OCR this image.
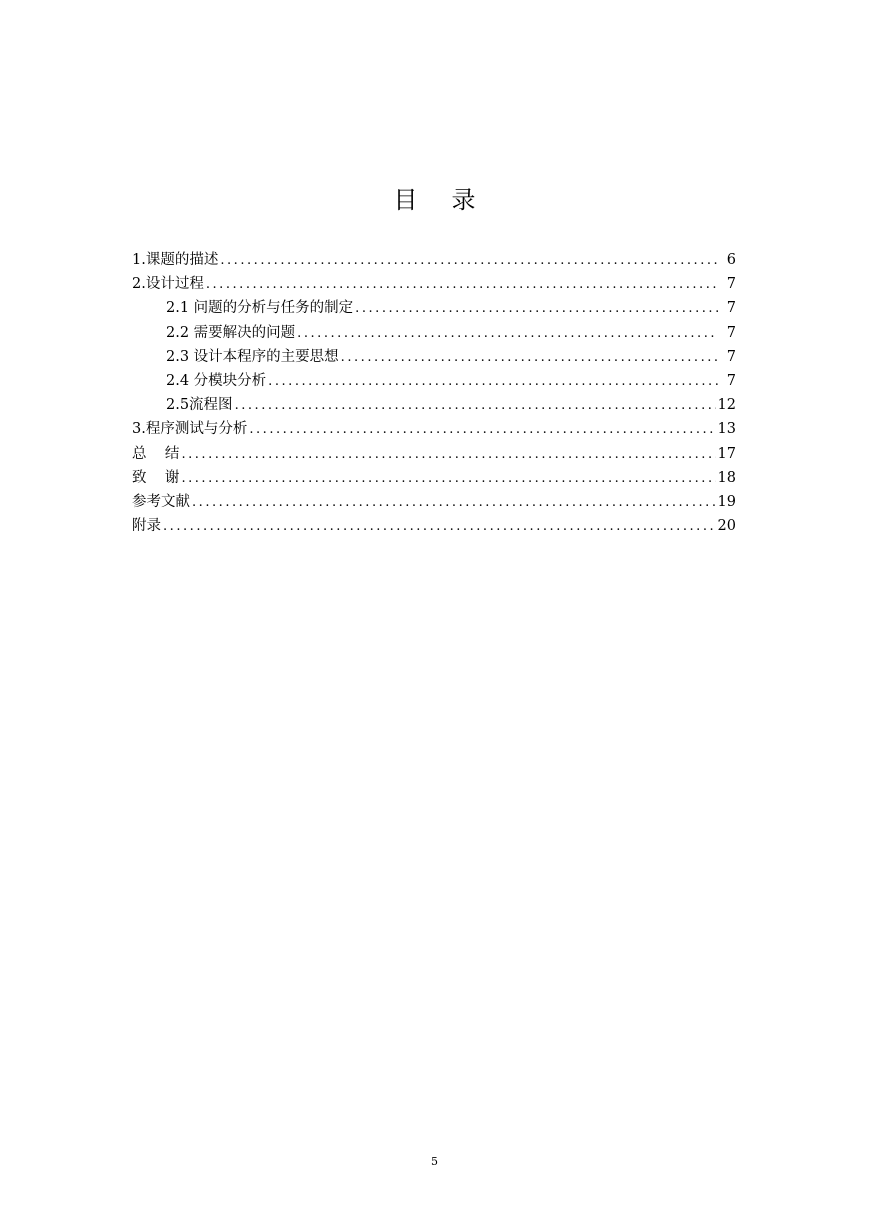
目录
1.课题的描述 . . .	6
2.设计过程 . . .	7
2.1 问题的分析与任务的制定 . . .	7
2.2 需要解决的问题 . . .	7
2.3 设计本程序的主要思想 . . .	7
2.4 分模块分析 . . .	7
2.5流程图 . . .	12
3.程序测试与分析 . . .	13
总    结 . . .	17
致    谢 . . .	18
参考文献 . . .	19
附录 . . .	20
5
